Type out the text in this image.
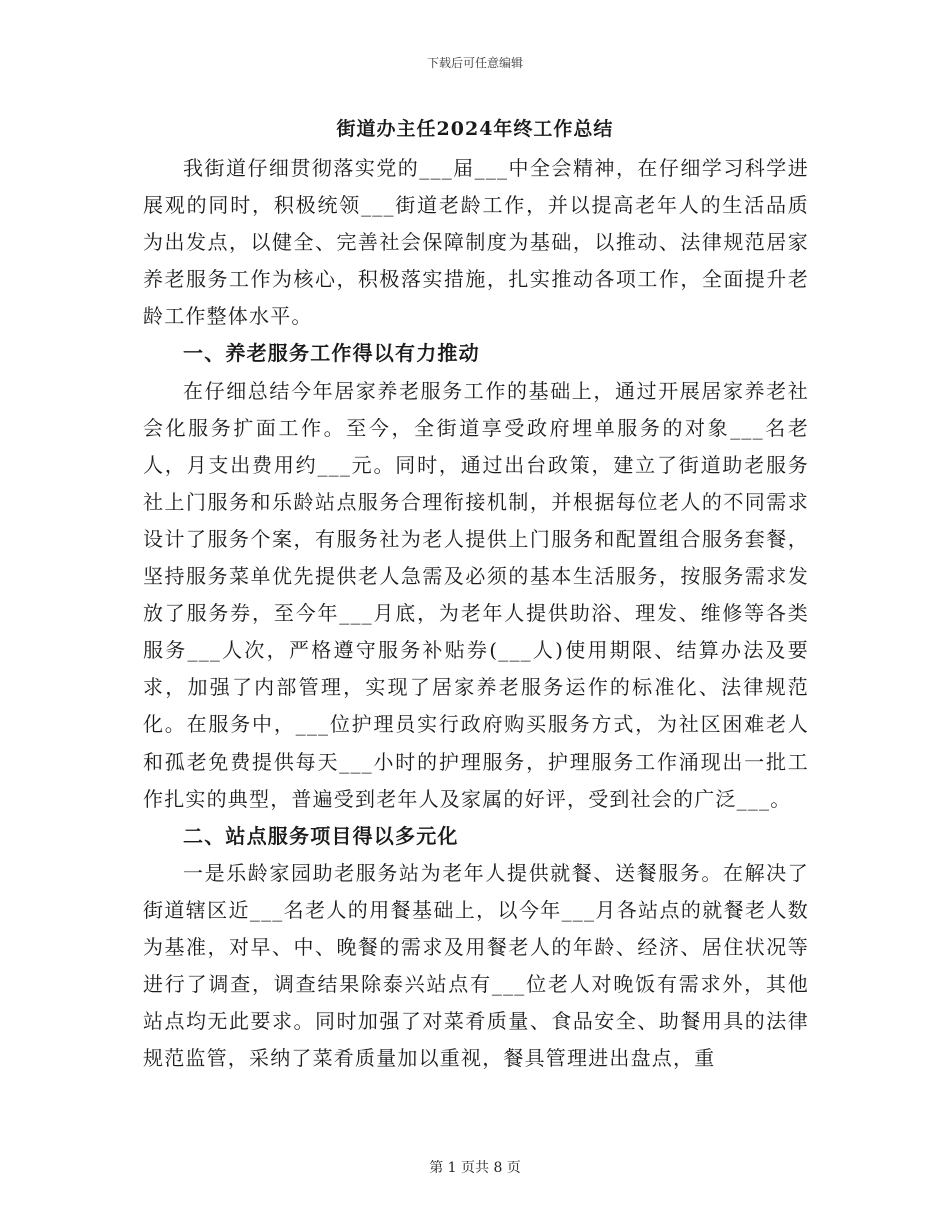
下载后可任意编辑
街道办主任2024年终工作总结

我街道仔细贯彻落实党的___届___中全会精神，在仔细学习科学进展观的同时，积极统领___街道老龄工作，并以提高老年人的生活品质为出发点，以健全、完善社会保障制度为基础，以推动、法律规范居家养老服务工作为核心，积极落实措施，扎实推动各项工作，全面提升老龄工作整体水平。

一、养老服务工作得以有力推动

在仔细总结今年居家养老服务工作的基础上，通过开展居家养老社会化服务扩面工作。至今，全街道享受政府埋单服务的对象___名老人，月支出费用约___元。同时，通过出台政策，建立了街道助老服务社上门服务和乐龄站点服务合理衔接机制，并根据每位老人的不同需求设计了服务个案，有服务社为老人提供上门服务和配置组合服务套餐，坚持服务菜单优先提供老人急需及必须的基本生活服务，按服务需求发放了服务券，至今年___月底，为老年人提供助浴、理发、维修等各类服务___人次，严格遵守服务补贴券(___人)使用期限、结算办法及要求，加强了内部管理，实现了居家养老服务运作的标准化、法律规范化。在服务中，___位护理员实行政府购买服务方式，为社区困难老人和孤老免费提供每天___小时的护理服务，护理服务工作涌现出一批工作扎实的典型，普遍受到老年人及家属的好评，受到社会的广泛___。

二、站点服务项目得以多元化

一是乐龄家园助老服务站为老年人提供就餐、送餐服务。在解决了街道辖区近___名老人的用餐基础上，以今年___月各站点的就餐老人数为基准，对早、中、晚餐的需求及用餐老人的年龄、经济、居住状况等进行了调查，调查结果除泰兴站点有___位老人对晚饭有需求外，其他站点均无此要求。同时加强了对菜肴质量、食品安全、助餐用具的法律规范监管，采纳了菜肴质量加以重视，餐具管理进出盘点，重

第 1 页共 8 页
